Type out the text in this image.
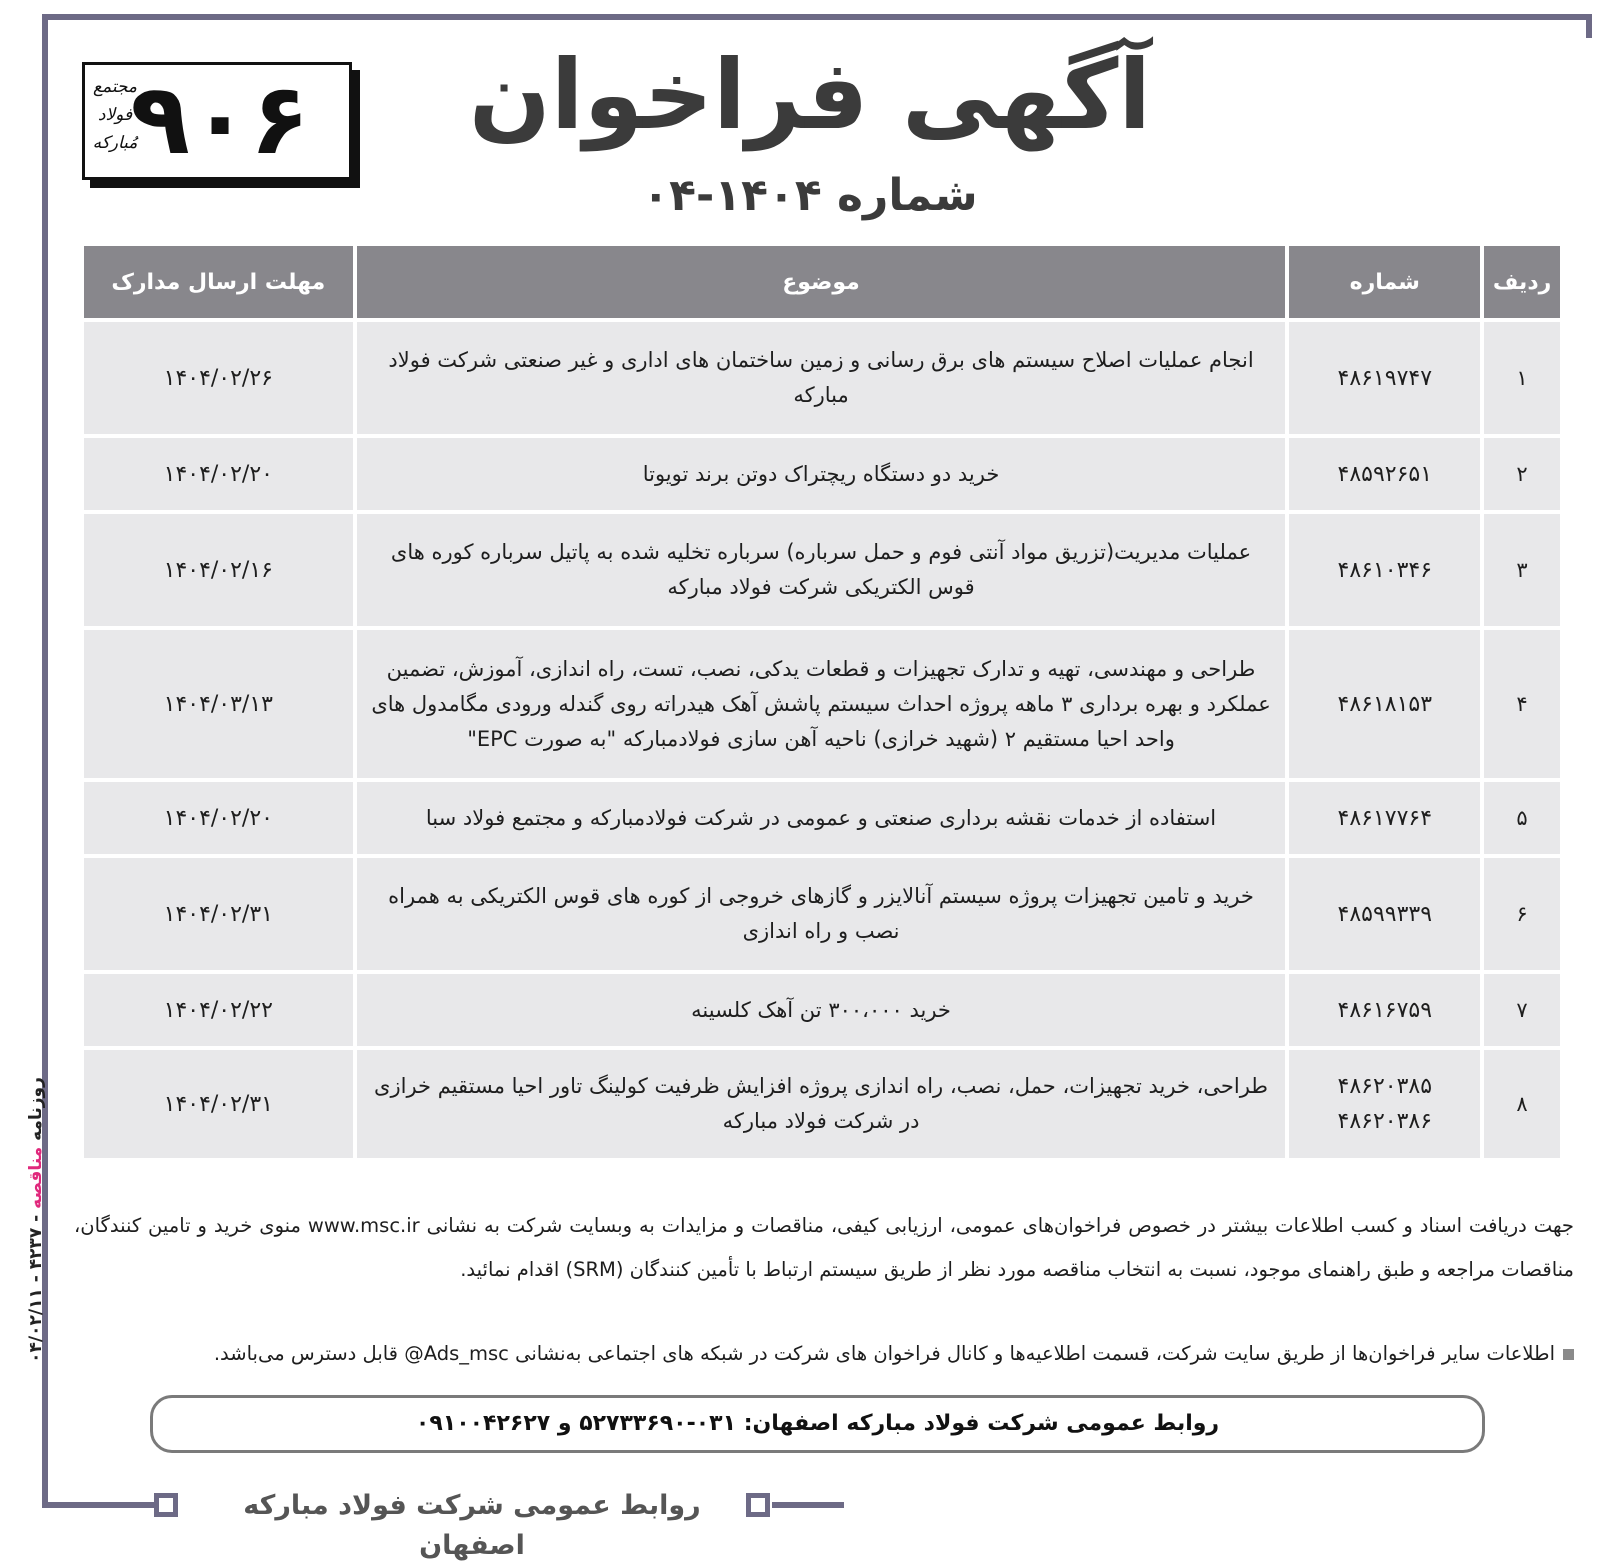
۹۰۶
مجتمع
فولاد
مُبارکه	آگهی فراخوان
شماره ۱۴۰۴-۰۴
ردیف	شماره	موضوع	مهلت ارسال مدارک
۱	۴۸۶۱۹۷۴۷	انجام عملیات اصلاح سیستم های برق رسانی و زمین ساختمان های اداری و غیر صنعتی شرکت فولاد مبارکه	۱۴۰۴/۰۲/۲۶
۲	۴۸۵۹۲۶۵۱	خرید دو دستگاه ریچتراک دوتن برند تویوتا	۱۴۰۴/۰۲/۲۰
۳	۴۸۶۱۰۳۴۶	عملیات مدیریت(تزریق مواد آنتی فوم و حمل سرباره) سرباره تخلیه شده به پاتیل سرباره کوره های قوس الکتریکی شرکت فولاد مبارکه	۱۴۰۴/۰۲/۱۶
۴	۴۸۶۱۸۱۵۳	طراحی و مهندسی، تهیه و تدارک تجهیزات و قطعات یدکی، نصب، تست، راه اندازی، آموزش، تضمین عملکرد و بهره برداری ۳ ماهه پروژه احداث سیستم پاشش آهک هیدراته روی گندله ورودی مگامدول های واحد احیا مستقیم ۲ (شهید خرازی) ناحیه آهن سازی فولادمبارکه "به صورت EPC"	۱۴۰۴/۰۳/۱۳
۵	۴۸۶۱۷۷۶۴	استفاده از خدمات نقشه برداری صنعتی و عمومی در شرکت فولادمبارکه و مجتمع فولاد سبا	۱۴۰۴/۰۲/۲۰
۶	۴۸۵۹۹۳۳۹	خرید و تامین تجهیزات پروژه سیستم آنالایزر و گازهای خروجی از کوره های قوس الکتریکی به همراه نصب و راه اندازی	۱۴۰۴/۰۲/۳۱
۷	۴۸۶۱۶۷۵۹	خرید ۳۰۰،۰۰۰ تن آهک کلسینه	۱۴۰۴/۰۲/۲۲
۸	۴۸۶۲۰۳۸۵ ۴۸۶۲۰۳۸۶	طراحی، خرید تجهیزات، حمل، نصب، راه اندازی پروژه افزایش ظرفیت کولینگ تاور احیا مستقیم خرازی در شرکت فولاد مبارکه	۱۴۰۴/۰۲/۳۱
جهت دریافت اسناد و کسب اطلاعات بیشتر در خصوص فراخوان‌های عمومی، ارزیابی کیفی، مناقصات و مزایدات به وبسایت شرکت به نشانی www.msc.ir منوی خرید و تامین کنندگان، مناقصات مراجعه و طبق راهنمای موجود، نسبت به انتخاب مناقصه مورد نظر از طریق سیستم ارتباط با تأمین کنندگان (SRM) اقدام نمائید.
اطلاعات سایر فراخوان‌ها از طریق سایت شرکت، قسمت اطلاعیه‌ها و کانال فراخوان های شرکت در شبکه های اجتماعی به‌نشانی Ads_msc@ قابل دسترس می‌باشد.
روابط عمومی شرکت فولاد مبارکه اصفهان: ۰۳۱-۵۲۷۳۳۶۹۰ و ۰۹۱۰۰۴۲۶۲۷
روابط عمومی شرکت فولاد مبارکه اصفهان
روزنامه مناقصه - ۴۲۳۷ - ۰۴/۰۲/۱۱
